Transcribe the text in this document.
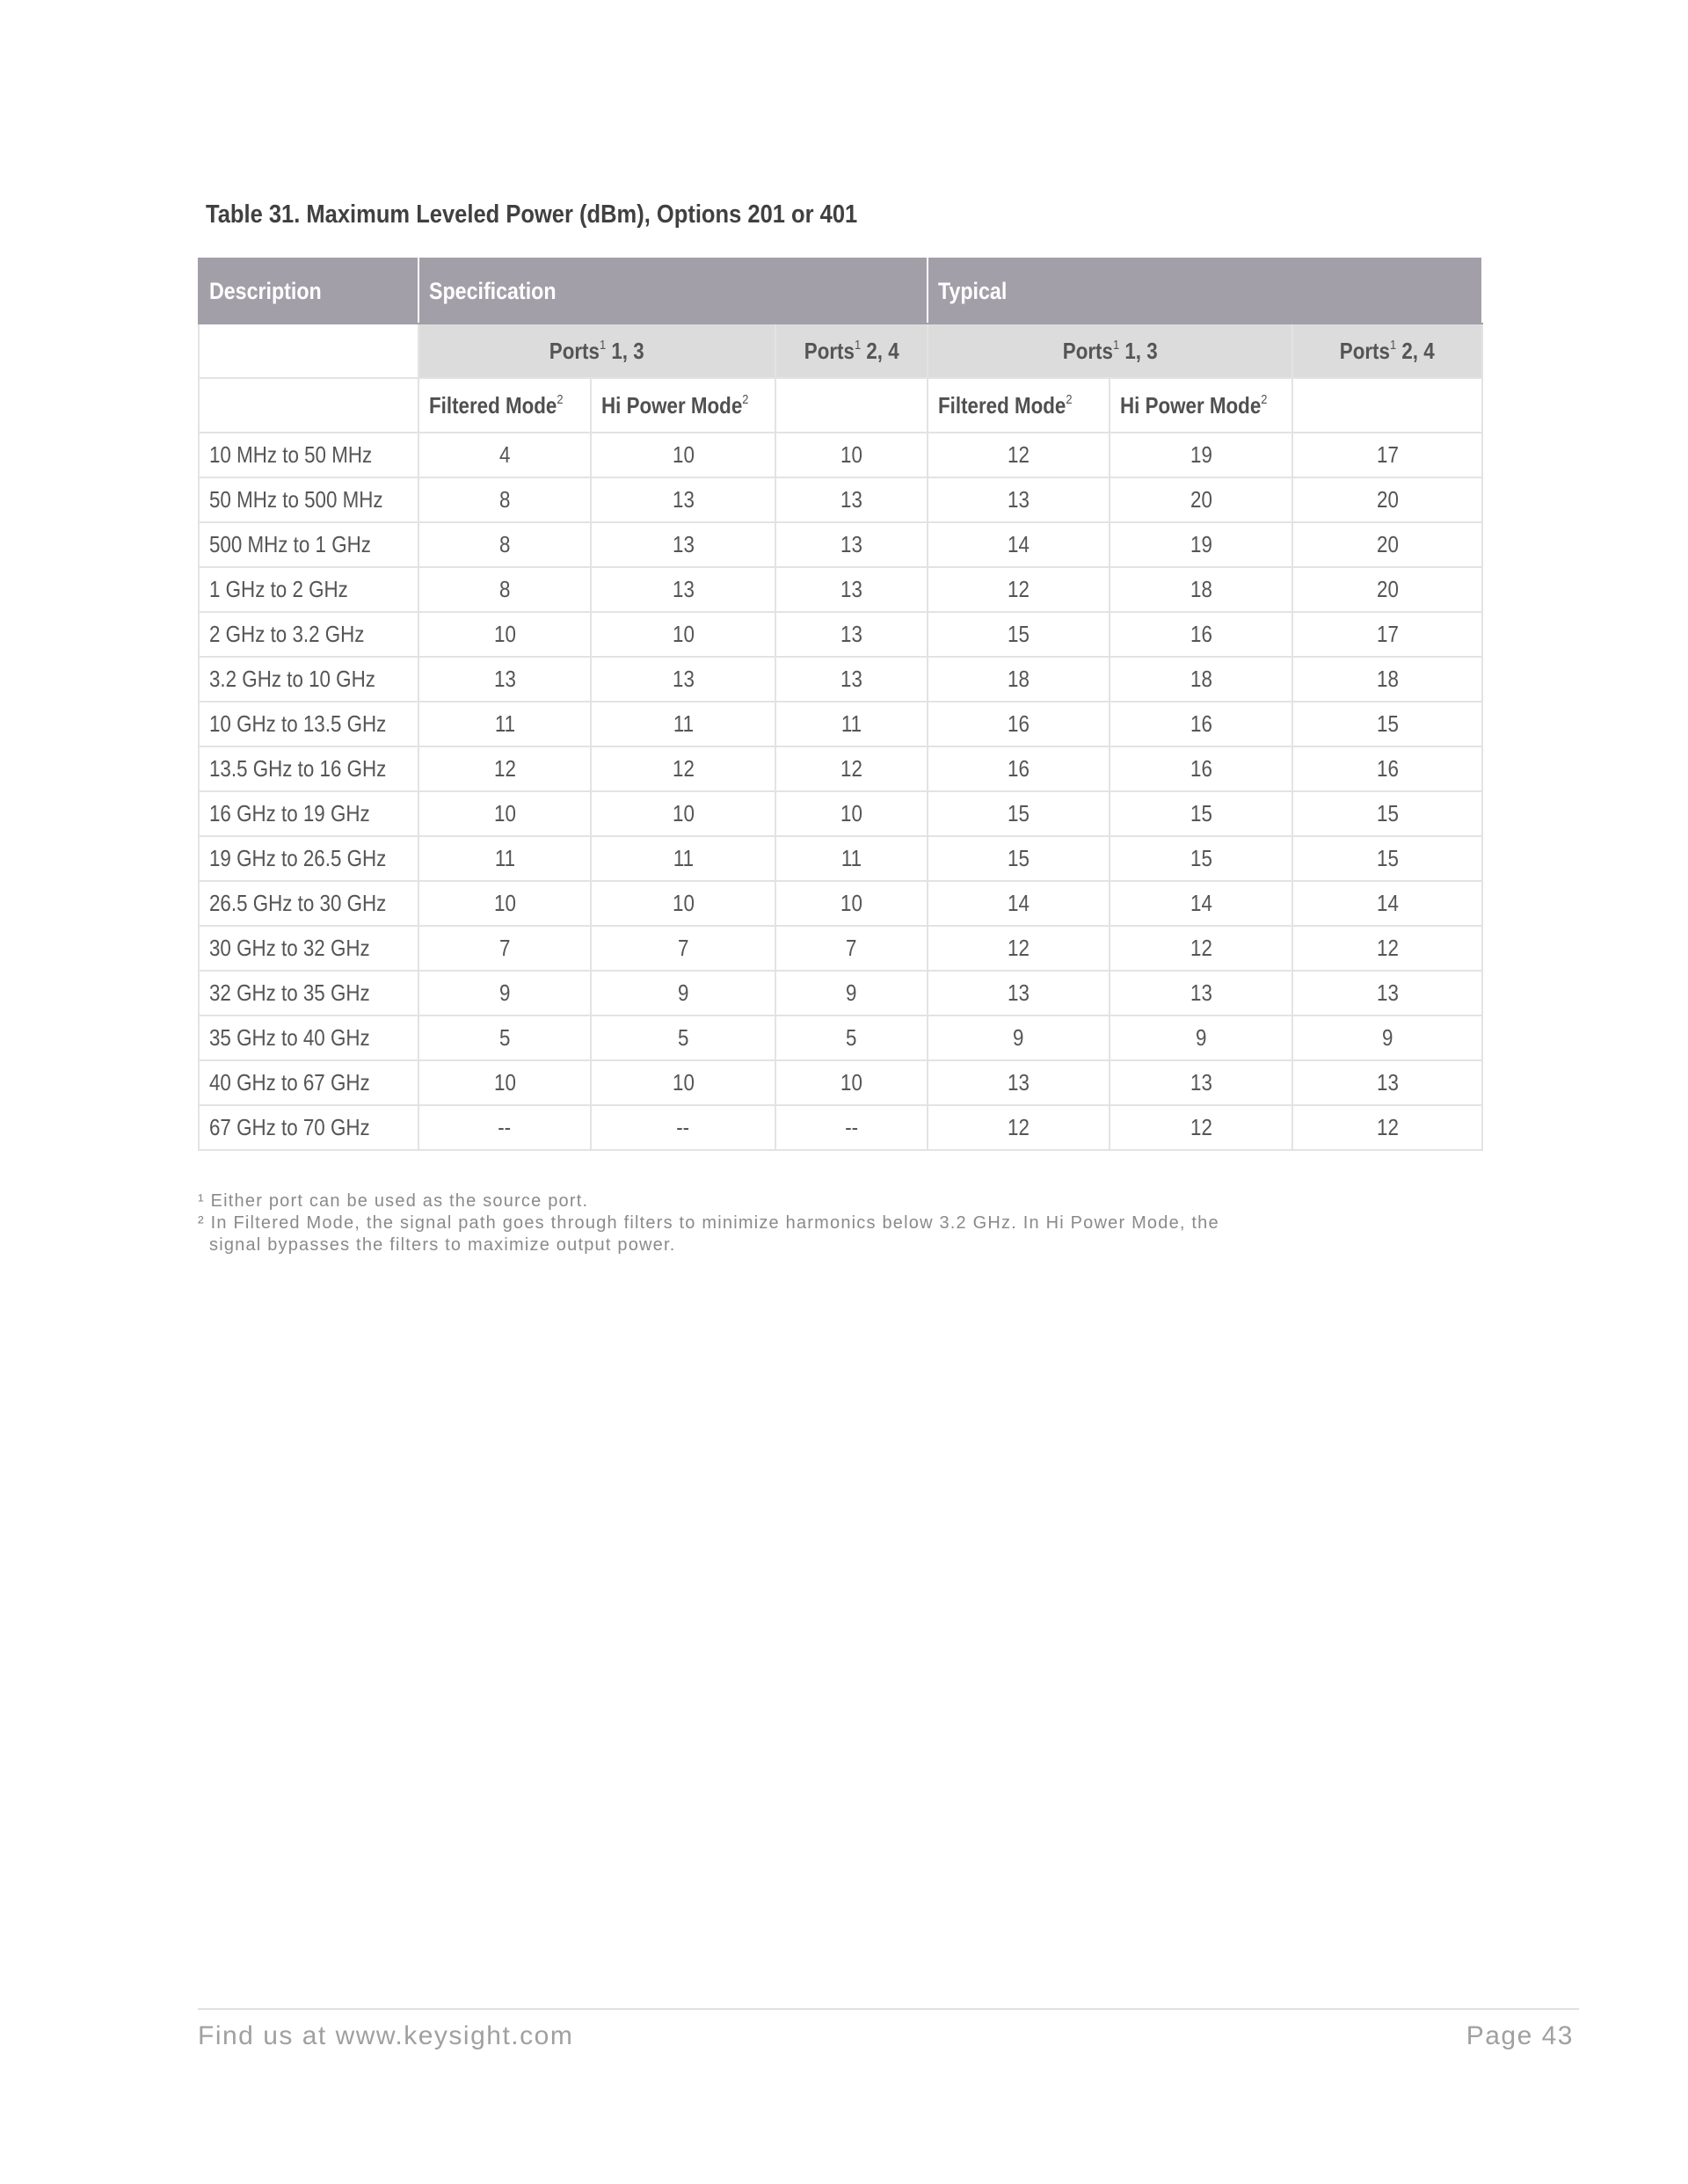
Table 31. Maximum Leveled Power (dBm), Options 201 or 401
Description	Specification			Typical		
	Ports$^1$ 1, 3		Ports$^1$ 2, 4	Ports$^1$ 1, 3		Ports$^1$ 2, 4
	Filtered Mode$^2$	Hi Power Mode$^2$		Filtered Mode$^2$	Hi Power Mode$^2$	
10 MHz to 50 MHz	4	10	10	12	19	17
50 MHz to 500 MHz	8	13	13	13	20	20
500 MHz to 1 GHz	8	13	13	14	19	20
1 GHz to 2 GHz	8	13	13	12	18	20
2 GHz to 3.2 GHz	10	10	13	15	16	17
3.2 GHz to 10 GHz	13	13	13	18	18	18
10 GHz to 13.5 GHz	11	11	11	16	16	15
13.5 GHz to 16 GHz	12	12	12	16	16	16
16 GHz to 19 GHz	10	10	10	15	15	15
19 GHz to 26.5 GHz	11	11	11	15	15	15
26.5 GHz to 30 GHz	10	10	10	14	14	14
30 GHz to 32 GHz	7	7	7	12	12	12
32 GHz to 35 GHz	9	9	9	13	13	13
35 GHz to 40 GHz	5	5	5	9	9	9
40 GHz to 67 GHz	10	10	10	13	13	13
67 GHz to 70 GHz	--	--	--	12	12	12
¹ Either port can be used as the source port.
² In Filtered Mode, the signal path goes through filters to minimize harmonics below 3.2 GHz. In Hi Power Mode, the
signal bypasses the filters to maximize output power.
Find us at www.keysight.com	Page 43
